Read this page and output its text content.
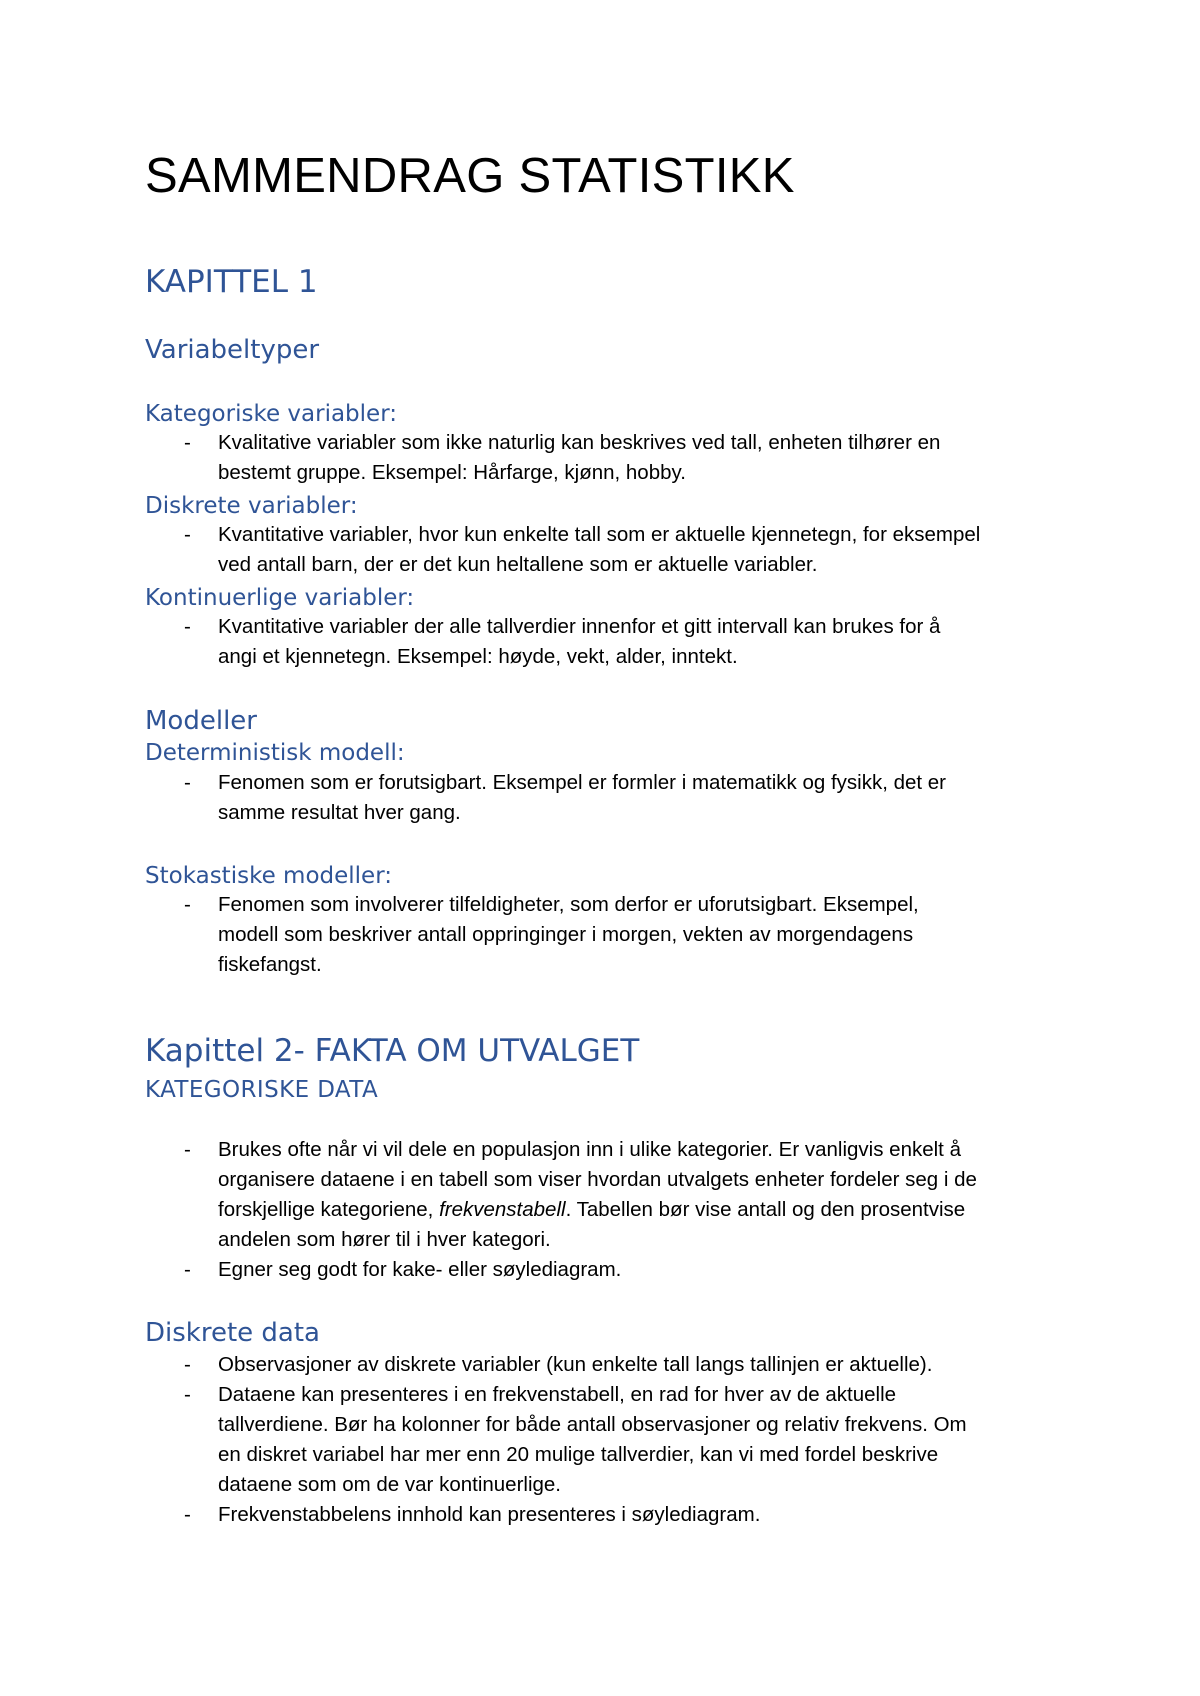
SAMMENDRAG STATISTIKK
KAPITTEL 1
Variabeltyper
Kategoriske variabler:
- Kvalitative variabler som ikke naturlig kan beskrives ved tall, enheten tilhører en
bestemt gruppe. Eksempel: Hårfarge, kjønn, hobby.
Diskrete variabler:
- Kvantitative variabler, hvor kun enkelte tall som er aktuelle kjennetegn, for eksempel
ved antall barn, der er det kun heltallene som er aktuelle variabler.
Kontinuerlige variabler:
- Kvantitative variabler der alle tallverdier innenfor et gitt intervall kan brukes for å
angi et kjennetegn. Eksempel: høyde, vekt, alder, inntekt.
Modeller
Deterministisk modell:
- Fenomen som er forutsigbart. Eksempel er formler i matematikk og fysikk, det er
samme resultat hver gang.
Stokastiske modeller:
- Fenomen som involverer tilfeldigheter, som derfor er uforutsigbart. Eksempel,
modell som beskriver antall oppringinger i morgen, vekten av morgendagens
fiskefangst.
Kapittel 2- FAKTA OM UTVALGET
KATEGORISKE DATA
- Brukes ofte når vi vil dele en populasjon inn i ulike kategorier. Er vanligvis enkelt å
organisere dataene i en tabell som viser hvordan utvalgets enheter fordeler seg i de
forskjellige kategoriene, frekvenstabell. Tabellen bør vise antall og den prosentvise
andelen som hører til i hver kategori.
- Egner seg godt for kake- eller søylediagram.
Diskrete data
- Observasjoner av diskrete variabler (kun enkelte tall langs tallinjen er aktuelle).
- Dataene kan presenteres i en frekvenstabell, en rad for hver av de aktuelle
tallverdiene. Bør ha kolonner for både antall observasjoner og relativ frekvens. Om
en diskret variabel har mer enn 20 mulige tallverdier, kan vi med fordel beskrive
dataene som om de var kontinuerlige.
- Frekvenstabbelens innhold kan presenteres i søylediagram.
